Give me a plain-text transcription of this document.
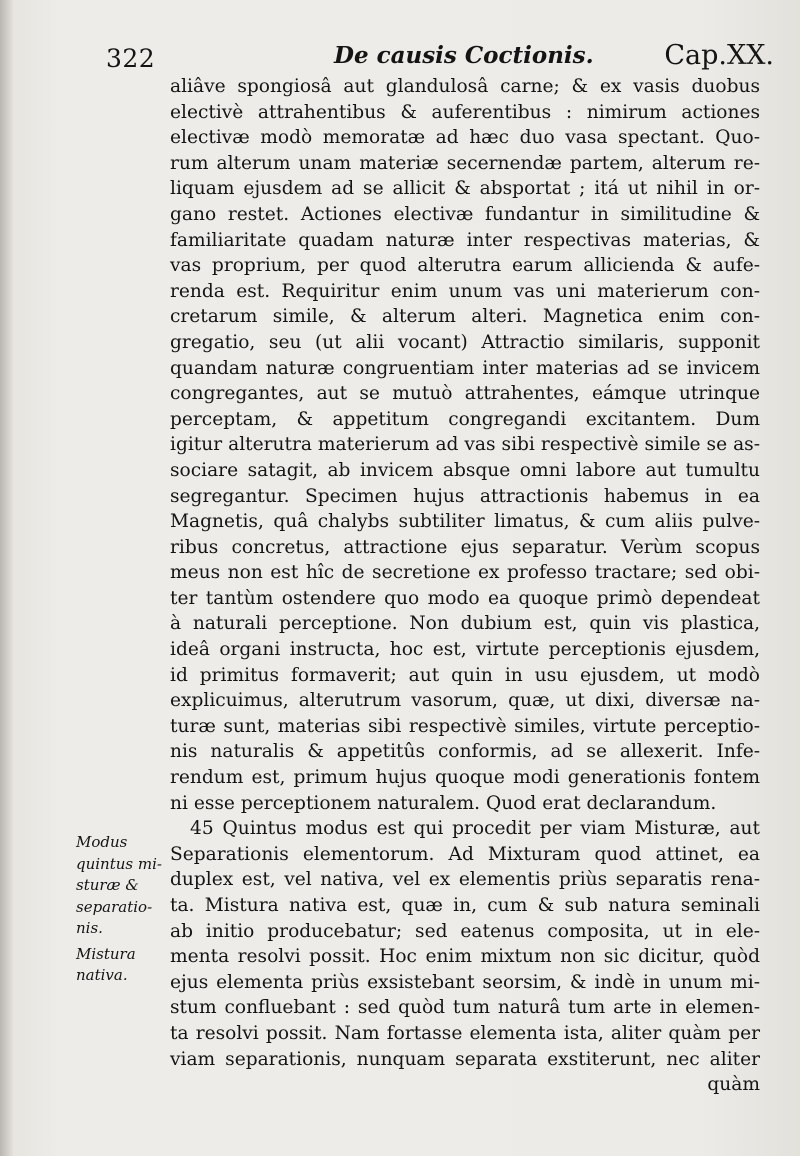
322	De causis Coctionis.	Cap.XX.
aliâve spongiosâ aut glandulosâ carne; & ex vasis duobus
electivè attrahentibus & auferentibus : nimirum actiones
electivæ modò memoratæ ad hæc duo vasa spectant. Quo-
rum alterum unam materiæ secernendæ partem, alterum re-
liquam ejusdem ad se allicit & absportat ; itá ut nihil in or-
gano restet. Actiones electivæ fundantur in similitudine &
familiaritate quadam naturæ inter respectivas materias, &
vas proprium, per quod alterutra earum allicienda & aufe-
renda est. Requiritur enim unum vas uni materierum con-
cretarum simile, & alterum alteri. Magnetica enim con-
gregatio, seu (ut alii vocant) Attractio similaris, supponit
quandam naturæ congruentiam inter materias ad se invicem
congregantes, aut se mutuò attrahentes, eámque utrinque
perceptam, & appetitum congregandi excitantem. Dum
igitur alterutra materierum ad vas sibi respectivè simile se as-
sociare satagit, ab invicem absque omni labore aut tumultu
segregantur. Specimen hujus attractionis habemus in ea
Magnetis, quâ chalybs subtiliter limatus, & cum aliis pulve-
ribus concretus, attractione ejus separatur. Verùm scopus
meus non est hîc de secretione ex professo tractare; sed obi-
ter tantùm ostendere quo modo ea quoque primò dependeat
à naturali perceptione. Non dubium est, quin vis plastica,
ideâ organi instructa, hoc est, virtute perceptionis ejusdem,
id primitus formaverit; aut quin in usu ejusdem, ut modò
explicuimus, alterutrum vasorum, quæ, ut dixi, diversæ na-
turæ sunt, materias sibi respectivè similes, virtute perceptio-
nis naturalis & appetitûs conformis, ad se allexerit. Infe-
rendum est, primum hujus quoque modi generationis fontem
ni esse perceptionem naturalem. Quod erat declarandum.
45 Quintus modus est qui procedit per viam Misturæ, aut
Separationis elementorum. Ad Mixturam quod attinet, ea
duplex est, vel nativa, vel ex elementis priùs separatis rena-
ta. Mistura nativa est, quæ in, cum & sub natura seminali
ab initio producebatur; sed eatenus composita, ut in ele-
menta resolvi possit. Hoc enim mixtum non sic dicitur, quòd
ejus elementa priùs exsistebant seorsim, & indè in unum mi-
stum confluebant : sed quòd tum naturâ tum arte in elemen-
ta resolvi possit. Nam fortasse elementa ista, aliter quàm per
viam separationis, nunquam separata exstiterunt, nec aliter
quàm
Modus
quintus mi-
sturæ &
separatio-
nis.
Mistura
nativa.
